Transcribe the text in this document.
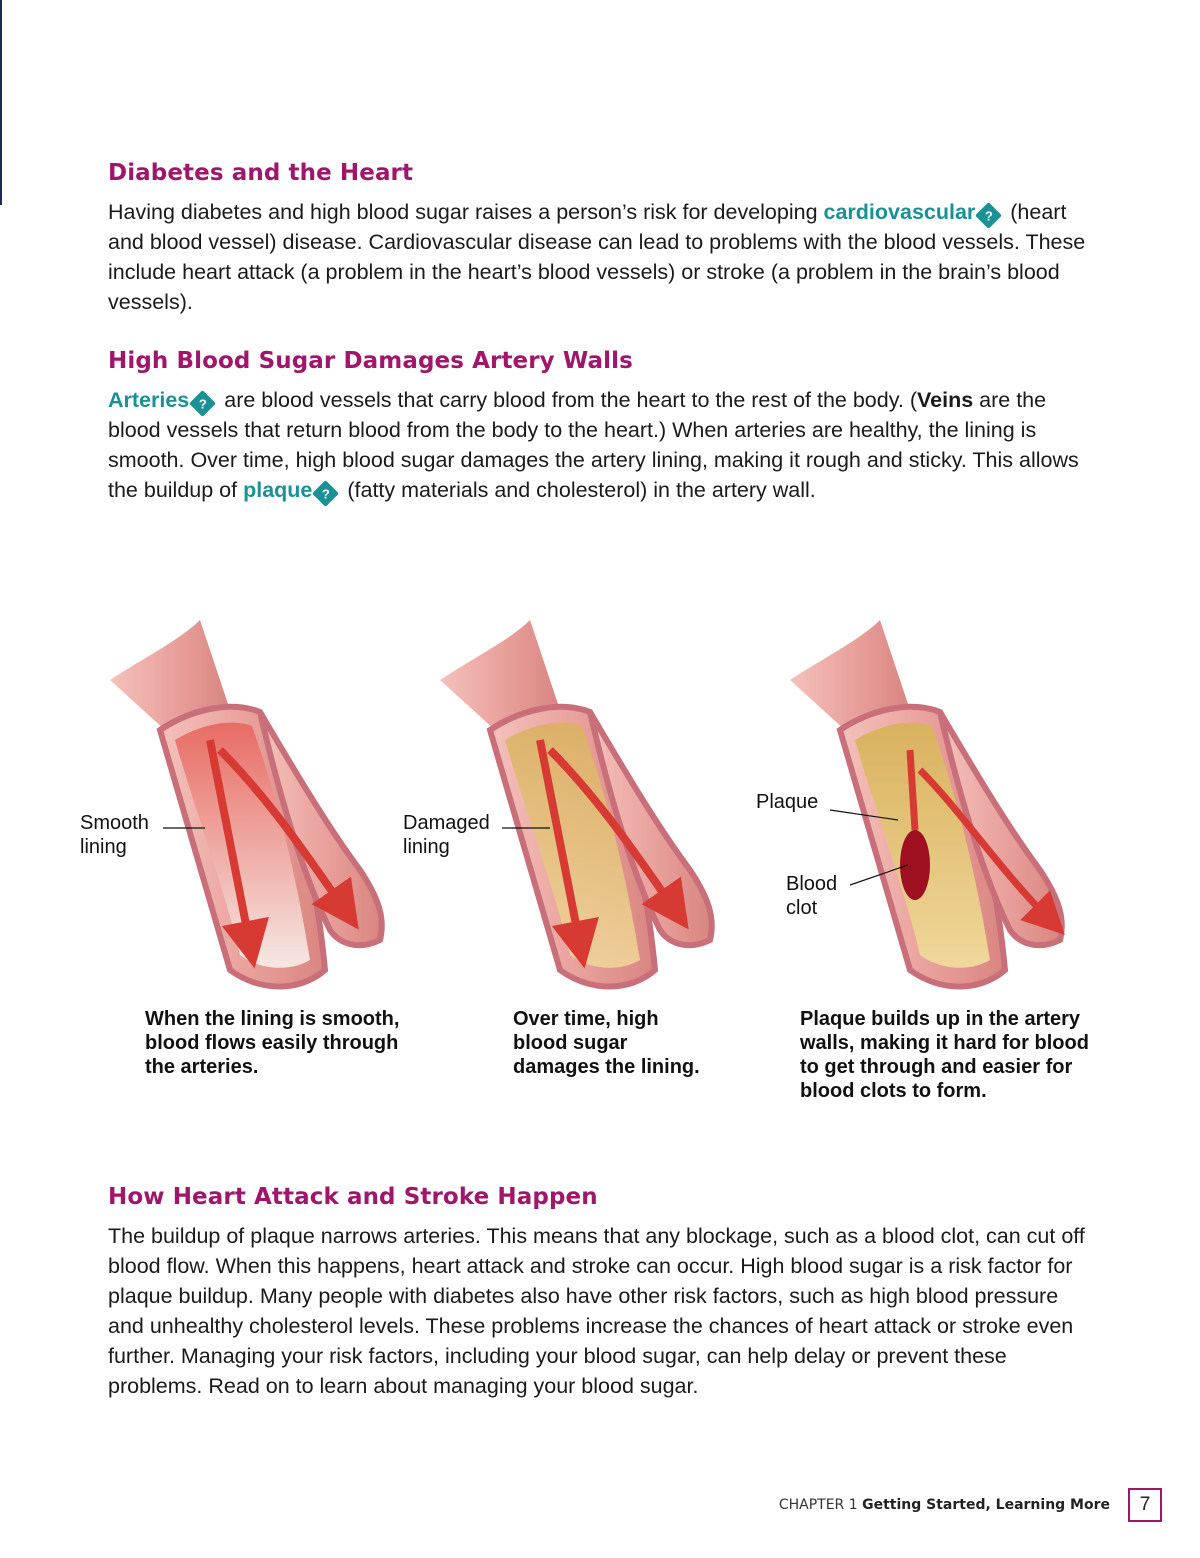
Diabetes and the Heart

Having diabetes and high blood sugar raises a person’s risk for developing cardiovascular ? (heart and blood vessel) disease. Cardiovascular disease can lead to problems with the blood vessels. These include heart attack (a problem in the heart’s blood vessels) or stroke (a problem in the brain’s blood vessels).

High Blood Sugar Damages Artery Walls

Arteries ? are blood vessels that carry blood from the heart to the rest of the body. (Veins are the blood vessels that return blood from the body to the heart.) When arteries are healthy, the lining is smooth. Over time, high blood sugar damages the artery lining, making it rough and sticky. This allows the buildup of plaque ? (fatty materials and cholesterol) in the artery wall.

Smooth
lining
Damaged
lining
Plaque
Blood
clot
When the lining is smooth,
blood flows easily through
the arteries.
Over time, high
blood sugar
damages the lining.
Plaque builds up in the artery
walls, making it hard for blood
to get through and easier for
blood clots to form.
How Heart Attack and Stroke Happen

The buildup of plaque narrows arteries. This means that any blockage, such as a blood clot, can cut off blood flow. When this happens, heart attack and stroke can occur. High blood sugar is a risk factor for plaque buildup. Many people with diabetes also have other risk factors, such as high blood pressure and unhealthy cholesterol levels. These problems increase the chances of heart attack or stroke even further. Managing your risk factors, including your blood sugar, can help delay or prevent these problems. Read on to learn about managing your blood sugar.

CHAPTER 1 Getting Started, Learning More	7
